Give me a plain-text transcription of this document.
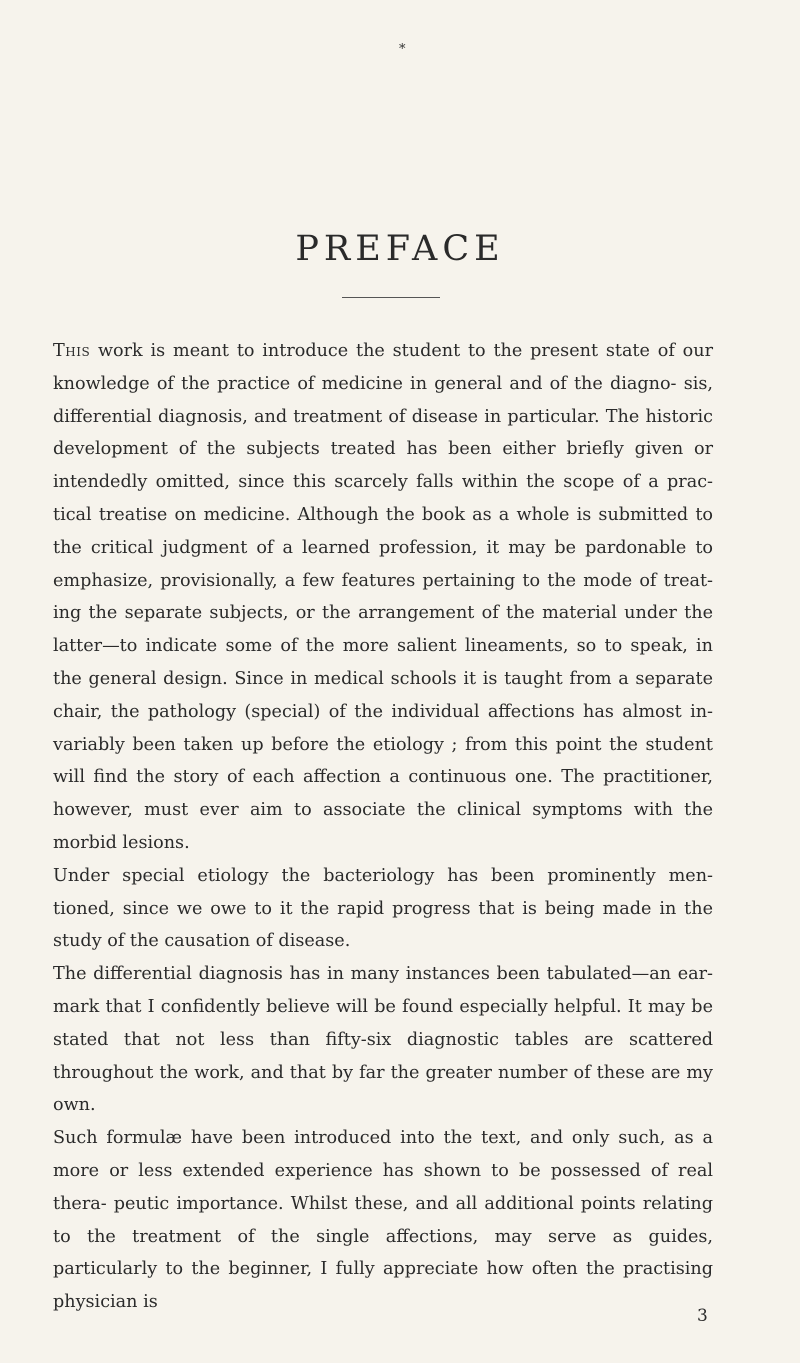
*
PREFACE

This work is meant to introduce the student to the present state of our knowledge of the practice of medicine in general and of the diagno- sis, differential diagnosis, and treatment of disease in particular. The historic development of the subjects treated has been either briefly given or intendedly omitted, since this scarcely falls within the scope of a prac- tical treatise on medicine. Although the book as a whole is submitted to the critical judgment of a learned profession, it may be pardonable to emphasize, provisionally, a few features pertaining to the mode of treat- ing the separate subjects, or the arrangement of the material under the latter—to indicate some of the more salient lineaments, so to speak, in the general design. Since in medical schools it is taught from a separate chair, the pathology (special) of the individual affections has almost in- variably been taken up before the etiology ; from this point the student will find the story of each affection a continuous one. The practitioner, however, must ever aim to associate the clinical symptoms with the morbid lesions.

Under special etiology the bacteriology has been prominently men- tioned, since we owe to it the rapid progress that is being made in the study of the causation of disease.

The differential diagnosis has in many instances been tabulated—an ear-mark that I confidently believe will be found especially helpful. It may be stated that not less than fifty-six diagnostic tables are scattered throughout the work, and that by far the greater number of these are my own.

Such formulæ have been introduced into the text, and only such, as a more or less extended experience has shown to be possessed of real thera- peutic importance. Whilst these, and all additional points relating to the treatment of the single affections, may serve as guides, particularly to the beginner, I fully appreciate how often the practising physician is

3
